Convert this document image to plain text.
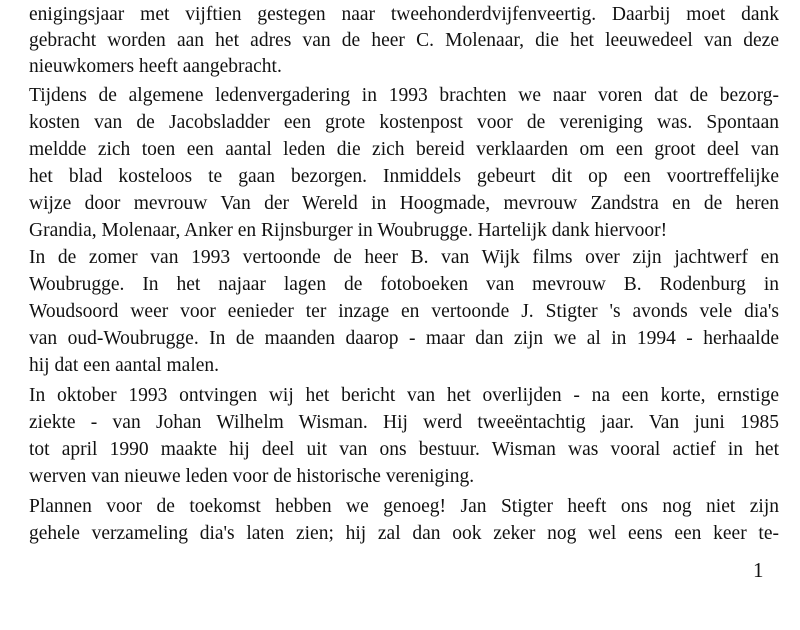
enigingsjaar met vijftien gestegen naar tweehonderdvijfenveertig. Daarbij moet dank
gebracht worden aan het adres van de heer C. Molenaar, die het leeuwedeel van deze
nieuwkomers heeft aangebracht.
Tijdens de algemene ledenvergadering in 1993 brachten we naar voren dat de bezorg-
kosten van de Jacobsladder een grote kostenpost voor de vereniging was. Spontaan
meldde zich toen een aantal leden die zich bereid verklaarden om een groot deel van
het blad kosteloos te gaan bezorgen. Inmiddels gebeurt dit op een voortreffelijke
wijze door mevrouw Van der Wereld in Hoogmade, mevrouw Zandstra en de heren
Grandia, Molenaar, Anker en Rijnsburger in Woubrugge. Hartelijk dank hiervoor!
In de zomer van 1993 vertoonde de heer B. van Wijk films over zijn jachtwerf en
Woubrugge. In het najaar lagen de fotoboeken van mevrouw B. Rodenburg in
Woudsoord weer voor eenieder ter inzage en vertoonde J. Stigter 's avonds vele dia's
van oud-Woubrugge. In de maanden daarop - maar dan zijn we al in 1994 - herhaalde
hij dat een aantal malen.
In oktober 1993 ontvingen wij het bericht van het overlijden - na een korte, ernstige
ziekte - van Johan Wilhelm Wisman. Hij werd tweeëntachtig jaar. Van juni 1985
tot april 1990 maakte hij deel uit van ons bestuur. Wisman was vooral actief in het
werven van nieuwe leden voor de historische vereniging.
Plannen voor de toekomst hebben we genoeg! Jan Stigter heeft ons nog niet zijn
gehele verzameling dia's laten zien; hij zal dan ook zeker nog wel eens een keer te-
1
